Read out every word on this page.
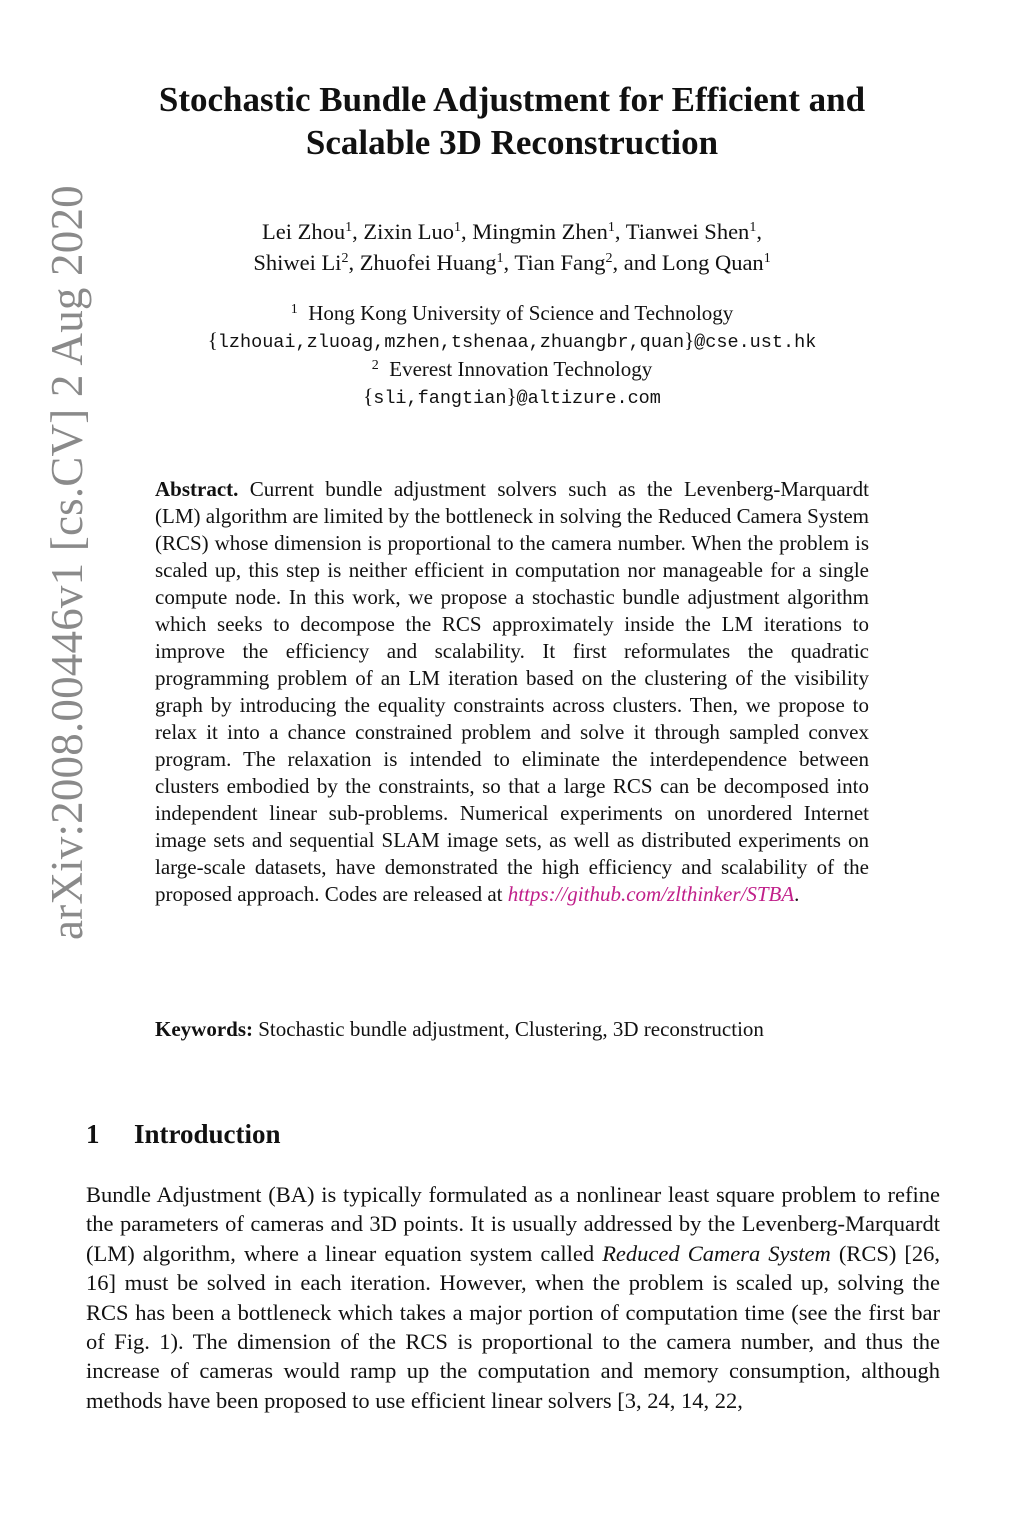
arXiv:2008.00446v1 [cs.CV] 2 Aug 2020
Stochastic Bundle Adjustment for Efficient and
Scalable 3D Reconstruction
Lei Zhou$^1$, Zixin Luo$^1$, Mingmin Zhen$^1$, Tianwei Shen$^1$,
Shiwei Li$^2$, Zhuofei Huang$^1$, Tian Fang$^2$, and Long Quan$^1$
$^1$ Hong Kong University of Science and Technology
{lzhouai,zluoag,mzhen,tshenaa,zhuangbr,quan}@cse.ust.hk
$^2$ Everest Innovation Technology
{sli,fangtian}@altizure.com
Abstract. Current bundle adjustment solvers such as the Levenberg-Marquardt (LM) algorithm are limited by the bottleneck in solving the Reduced Camera System (RCS) whose dimension is proportional to the camera number. When the problem is scaled up, this step is neither efficient in computation nor manageable for a single compute node. In this work, we propose a stochastic bundle adjustment algorithm which seeks to decompose the RCS approximately inside the LM iterations to improve the efficiency and scalability. It first reformulates the quadratic programming problem of an LM iteration based on the clustering of the visibility graph by introducing the equality constraints across clusters. Then, we propose to relax it into a chance constrained problem and solve it through sampled convex program. The relaxation is intended to eliminate the interdependence between clusters embodied by the constraints, so that a large RCS can be decomposed into independent linear sub-problems. Numerical experiments on unordered Internet image sets and sequential SLAM image sets, as well as distributed experiments on large-scale datasets, have demonstrated the high efficiency and scalability of the proposed approach. Codes are released at https://github.com/zlthinker/STBA.
Keywords: Stochastic bundle adjustment, Clustering, 3D reconstruction
1 Introduction
Bundle Adjustment (BA) is typically formulated as a nonlinear least square problem to refine the parameters of cameras and 3D points. It is usually addressed by the Levenberg-Marquardt (LM) algorithm, where a linear equation system called Reduced Camera System (RCS) [26, 16] must be solved in each iteration. However, when the problem is scaled up, solving the RCS has been a bottleneck which takes a major portion of computation time (see the first bar of Fig. 1). The dimension of the RCS is proportional to the camera number, and thus the increase of cameras would ramp up the computation and memory consumption, although methods have been proposed to use efficient linear solvers [3, 24, 14, 22,
